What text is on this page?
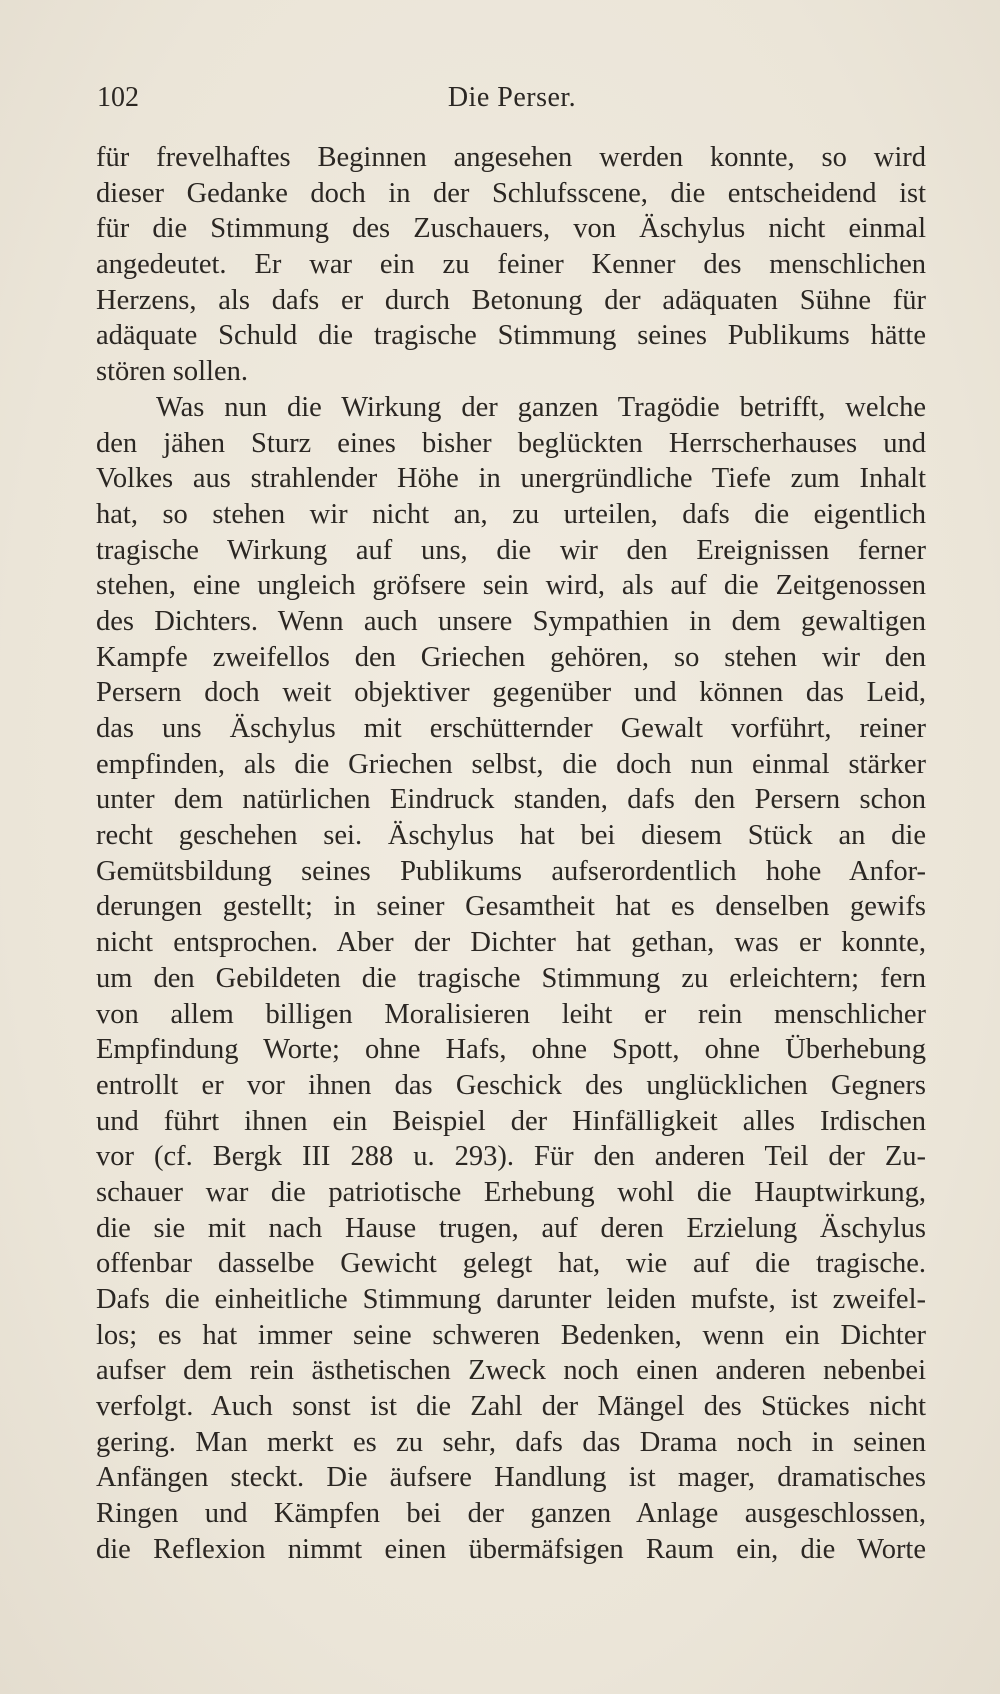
102	Die Perser.
für frevelhaftes Beginnen angesehen werden konnte, so wird
dieser Gedanke doch in der Schlufsscene, die entscheidend ist
für die Stimmung des Zuschauers, von Äschylus nicht einmal
angedeutet. Er war ein zu feiner Kenner des menschlichen
Herzens, als dafs er durch Betonung der adäquaten Sühne für
adäquate Schuld die tragische Stimmung seines Publikums hätte
stören sollen.
Was nun die Wirkung der ganzen Tragödie betrifft, welche
den jähen Sturz eines bisher beglückten Herrscherhauses und
Volkes aus strahlender Höhe in unergründliche Tiefe zum Inhalt
hat, so stehen wir nicht an, zu urteilen, dafs die eigentlich
tragische Wirkung auf uns, die wir den Ereignissen ferner
stehen, eine ungleich gröfsere sein wird, als auf die Zeitgenossen
des Dichters. Wenn auch unsere Sympathien in dem gewaltigen
Kampfe zweifellos den Griechen gehören, so stehen wir den
Persern doch weit objektiver gegenüber und können das Leid,
das uns Äschylus mit erschütternder Gewalt vorführt, reiner
empfinden, als die Griechen selbst, die doch nun einmal stärker
unter dem natürlichen Eindruck standen, dafs den Persern schon
recht geschehen sei. Äschylus hat bei diesem Stück an die
Gemütsbildung seines Publikums aufserordentlich hohe Anfor-
derungen gestellt; in seiner Gesamtheit hat es denselben gewifs
nicht entsprochen. Aber der Dichter hat gethan, was er konnte,
um den Gebildeten die tragische Stimmung zu erleichtern; fern
von allem billigen Moralisieren leiht er rein menschlicher
Empfindung Worte; ohne Hafs, ohne Spott, ohne Überhebung
entrollt er vor ihnen das Geschick des unglücklichen Gegners
und führt ihnen ein Beispiel der Hinfälligkeit alles Irdischen
vor (cf. Bergk III 288 u. 293). Für den anderen Teil der Zu-
schauer war die patriotische Erhebung wohl die Hauptwirkung,
die sie mit nach Hause trugen, auf deren Erzielung Äschylus
offenbar dasselbe Gewicht gelegt hat, wie auf die tragische.
Dafs die einheitliche Stimmung darunter leiden mufste, ist zweifel-
los; es hat immer seine schweren Bedenken, wenn ein Dichter
aufser dem rein ästhetischen Zweck noch einen anderen nebenbei
verfolgt. Auch sonst ist die Zahl der Mängel des Stückes nicht
gering. Man merkt es zu sehr, dafs das Drama noch in seinen
Anfängen steckt. Die äufsere Handlung ist mager, dramatisches
Ringen und Kämpfen bei der ganzen Anlage ausgeschlossen,
die Reflexion nimmt einen übermäfsigen Raum ein, die Worte
